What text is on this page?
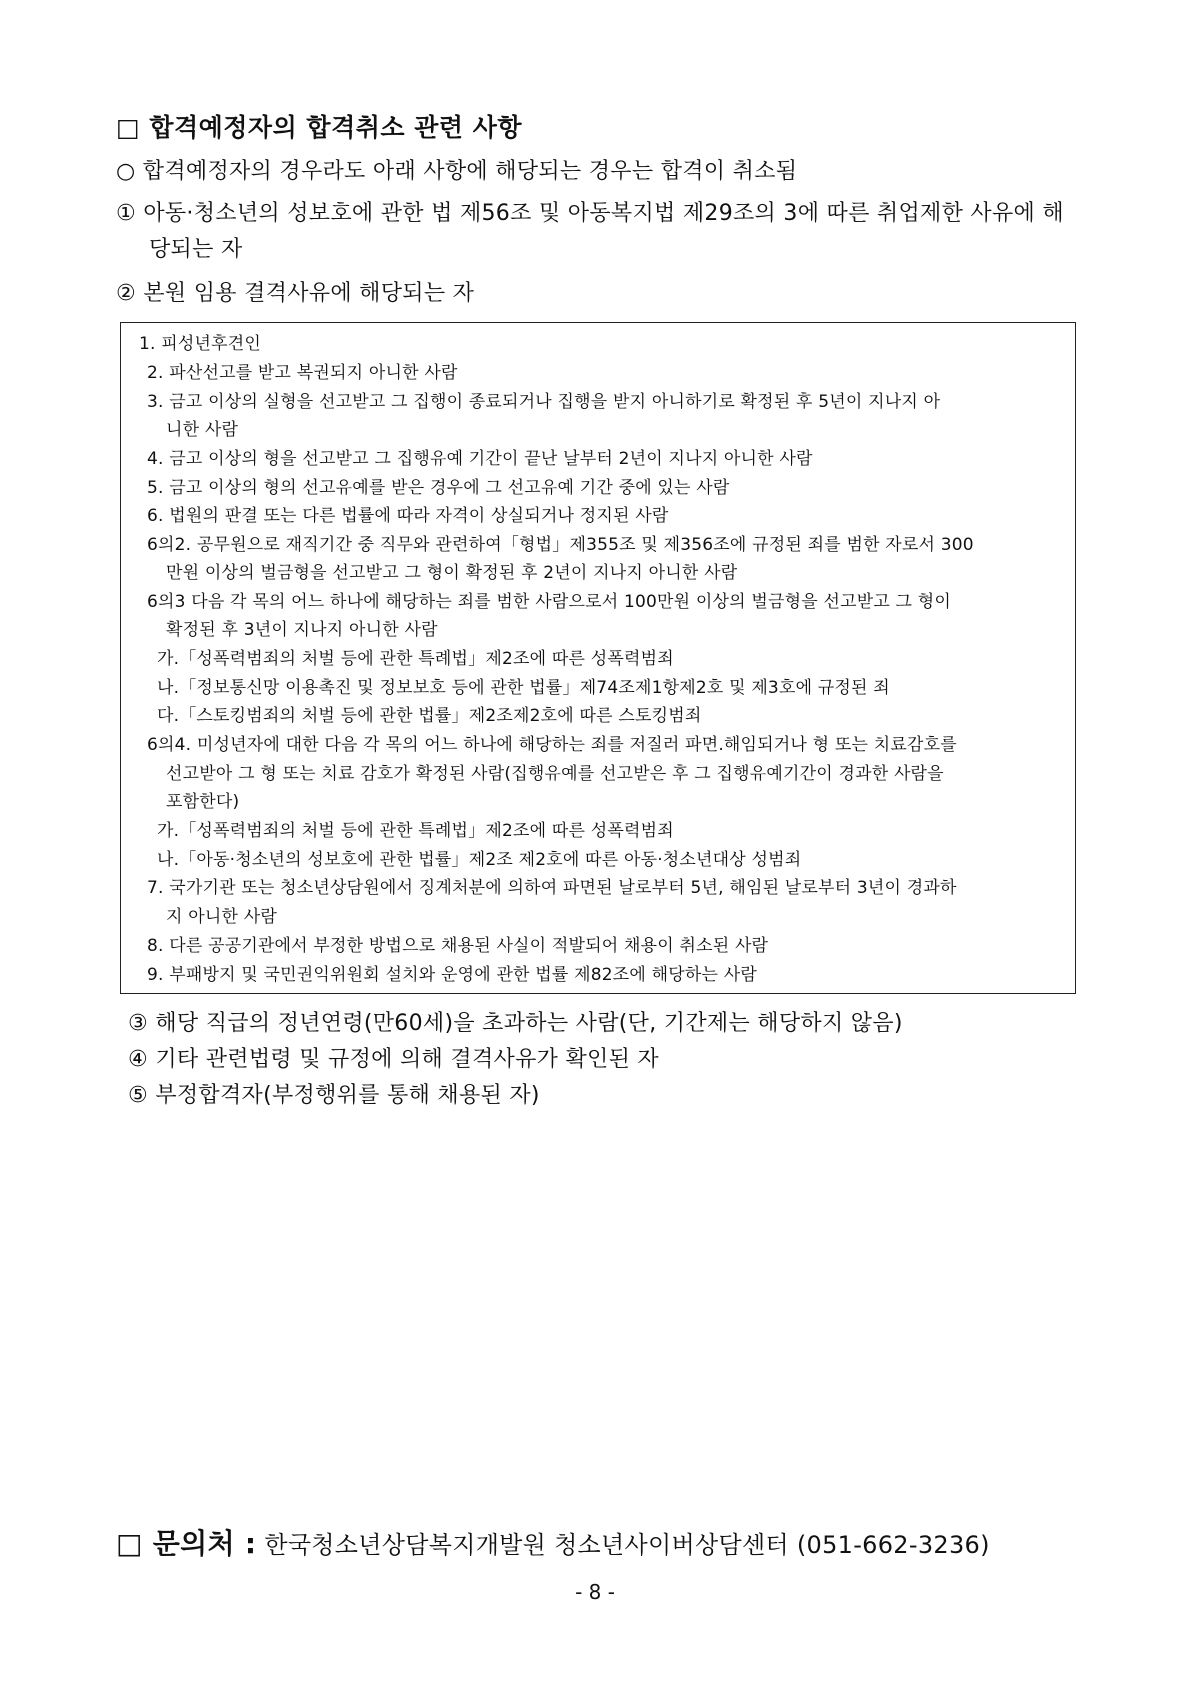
□ 합격예정자의 합격취소 관련 사항
○ 합격예정자의 경우라도 아래 사항에 해당되는 경우는 합격이 취소됨
① 아동·청소년의 성보호에 관한 법 제56조 및 아동복지법 제29조의 3에 따른 취업제한 사유에 해
당되는 자
② 본원 임용 결격사유에 해당되는 자
1. 피성년후견인
2. 파산선고를 받고 복권되지 아니한 사람
3. 금고 이상의 실형을 선고받고 그 집행이 종료되거나 집행을 받지 아니하기로 확정된 후 5년이 지나지 아
니한 사람
4. 금고 이상의 형을 선고받고 그 집행유예 기간이 끝난 날부터 2년이 지나지 아니한 사람
5. 금고 이상의 형의 선고유예를 받은 경우에 그 선고유예 기간 중에 있는 사람
6. 법원의 판결 또는 다른 법률에 따라 자격이 상실되거나 정지된 사람
6의2. 공무원으로 재직기간 중 직무와 관련하여「형법」제355조 및 제356조에 규정된 죄를 범한 자로서 300
만원 이상의 벌금형을 선고받고 그 형이 확정된 후 2년이 지나지 아니한 사람
6의3 다음 각 목의 어느 하나에 해당하는 죄를 범한 사람으로서 100만원 이상의 벌금형을 선고받고 그 형이
확정된 후 3년이 지나지 아니한 사람
가.「성폭력범죄의 처벌 등에 관한 특례법」제2조에 따른 성폭력범죄
나.「정보통신망 이용촉진 및 정보보호 등에 관한 법률」제74조제1항제2호 및 제3호에 규정된 죄
다.「스토킹범죄의 처벌 등에 관한 법률」제2조제2호에 따른 스토킹범죄
6의4. 미성년자에 대한 다음 각 목의 어느 하나에 해당하는 죄를 저질러 파면.해임되거나 형 또는 치료감호를
선고받아 그 형 또는 치료 감호가 확정된 사람(집행유예를 선고받은 후 그 집행유예기간이 경과한 사람을
포함한다)
가.「성폭력범죄의 처벌 등에 관한 특례법」제2조에 따른 성폭력범죄
나.「아동·청소년의 성보호에 관한 법률」제2조 제2호에 따른 아동·청소년대상 성범죄
7. 국가기관 또는 청소년상담원에서 징계처분에 의하여 파면된 날로부터 5년, 해임된 날로부터 3년이 경과하
지 아니한 사람
8. 다른 공공기관에서 부정한 방법으로 채용된 사실이 적발되어 채용이 취소된 사람
9. 부패방지 및 국민권익위원회 설치와 운영에 관한 법률 제82조에 해당하는 사람
③ 해당 직급의 정년연령(만60세)을 초과하는 사람(단, 기간제는 해당하지 않음)
④ 기타 관련법령 및 규정에 의해 결격사유가 확인된 자
⑤ 부정합격자(부정행위를 통해 채용된 자)
□ 문의처 : 한국청소년상담복지개발원 청소년사이버상담센터 (051-662-3236)
- 8 -
